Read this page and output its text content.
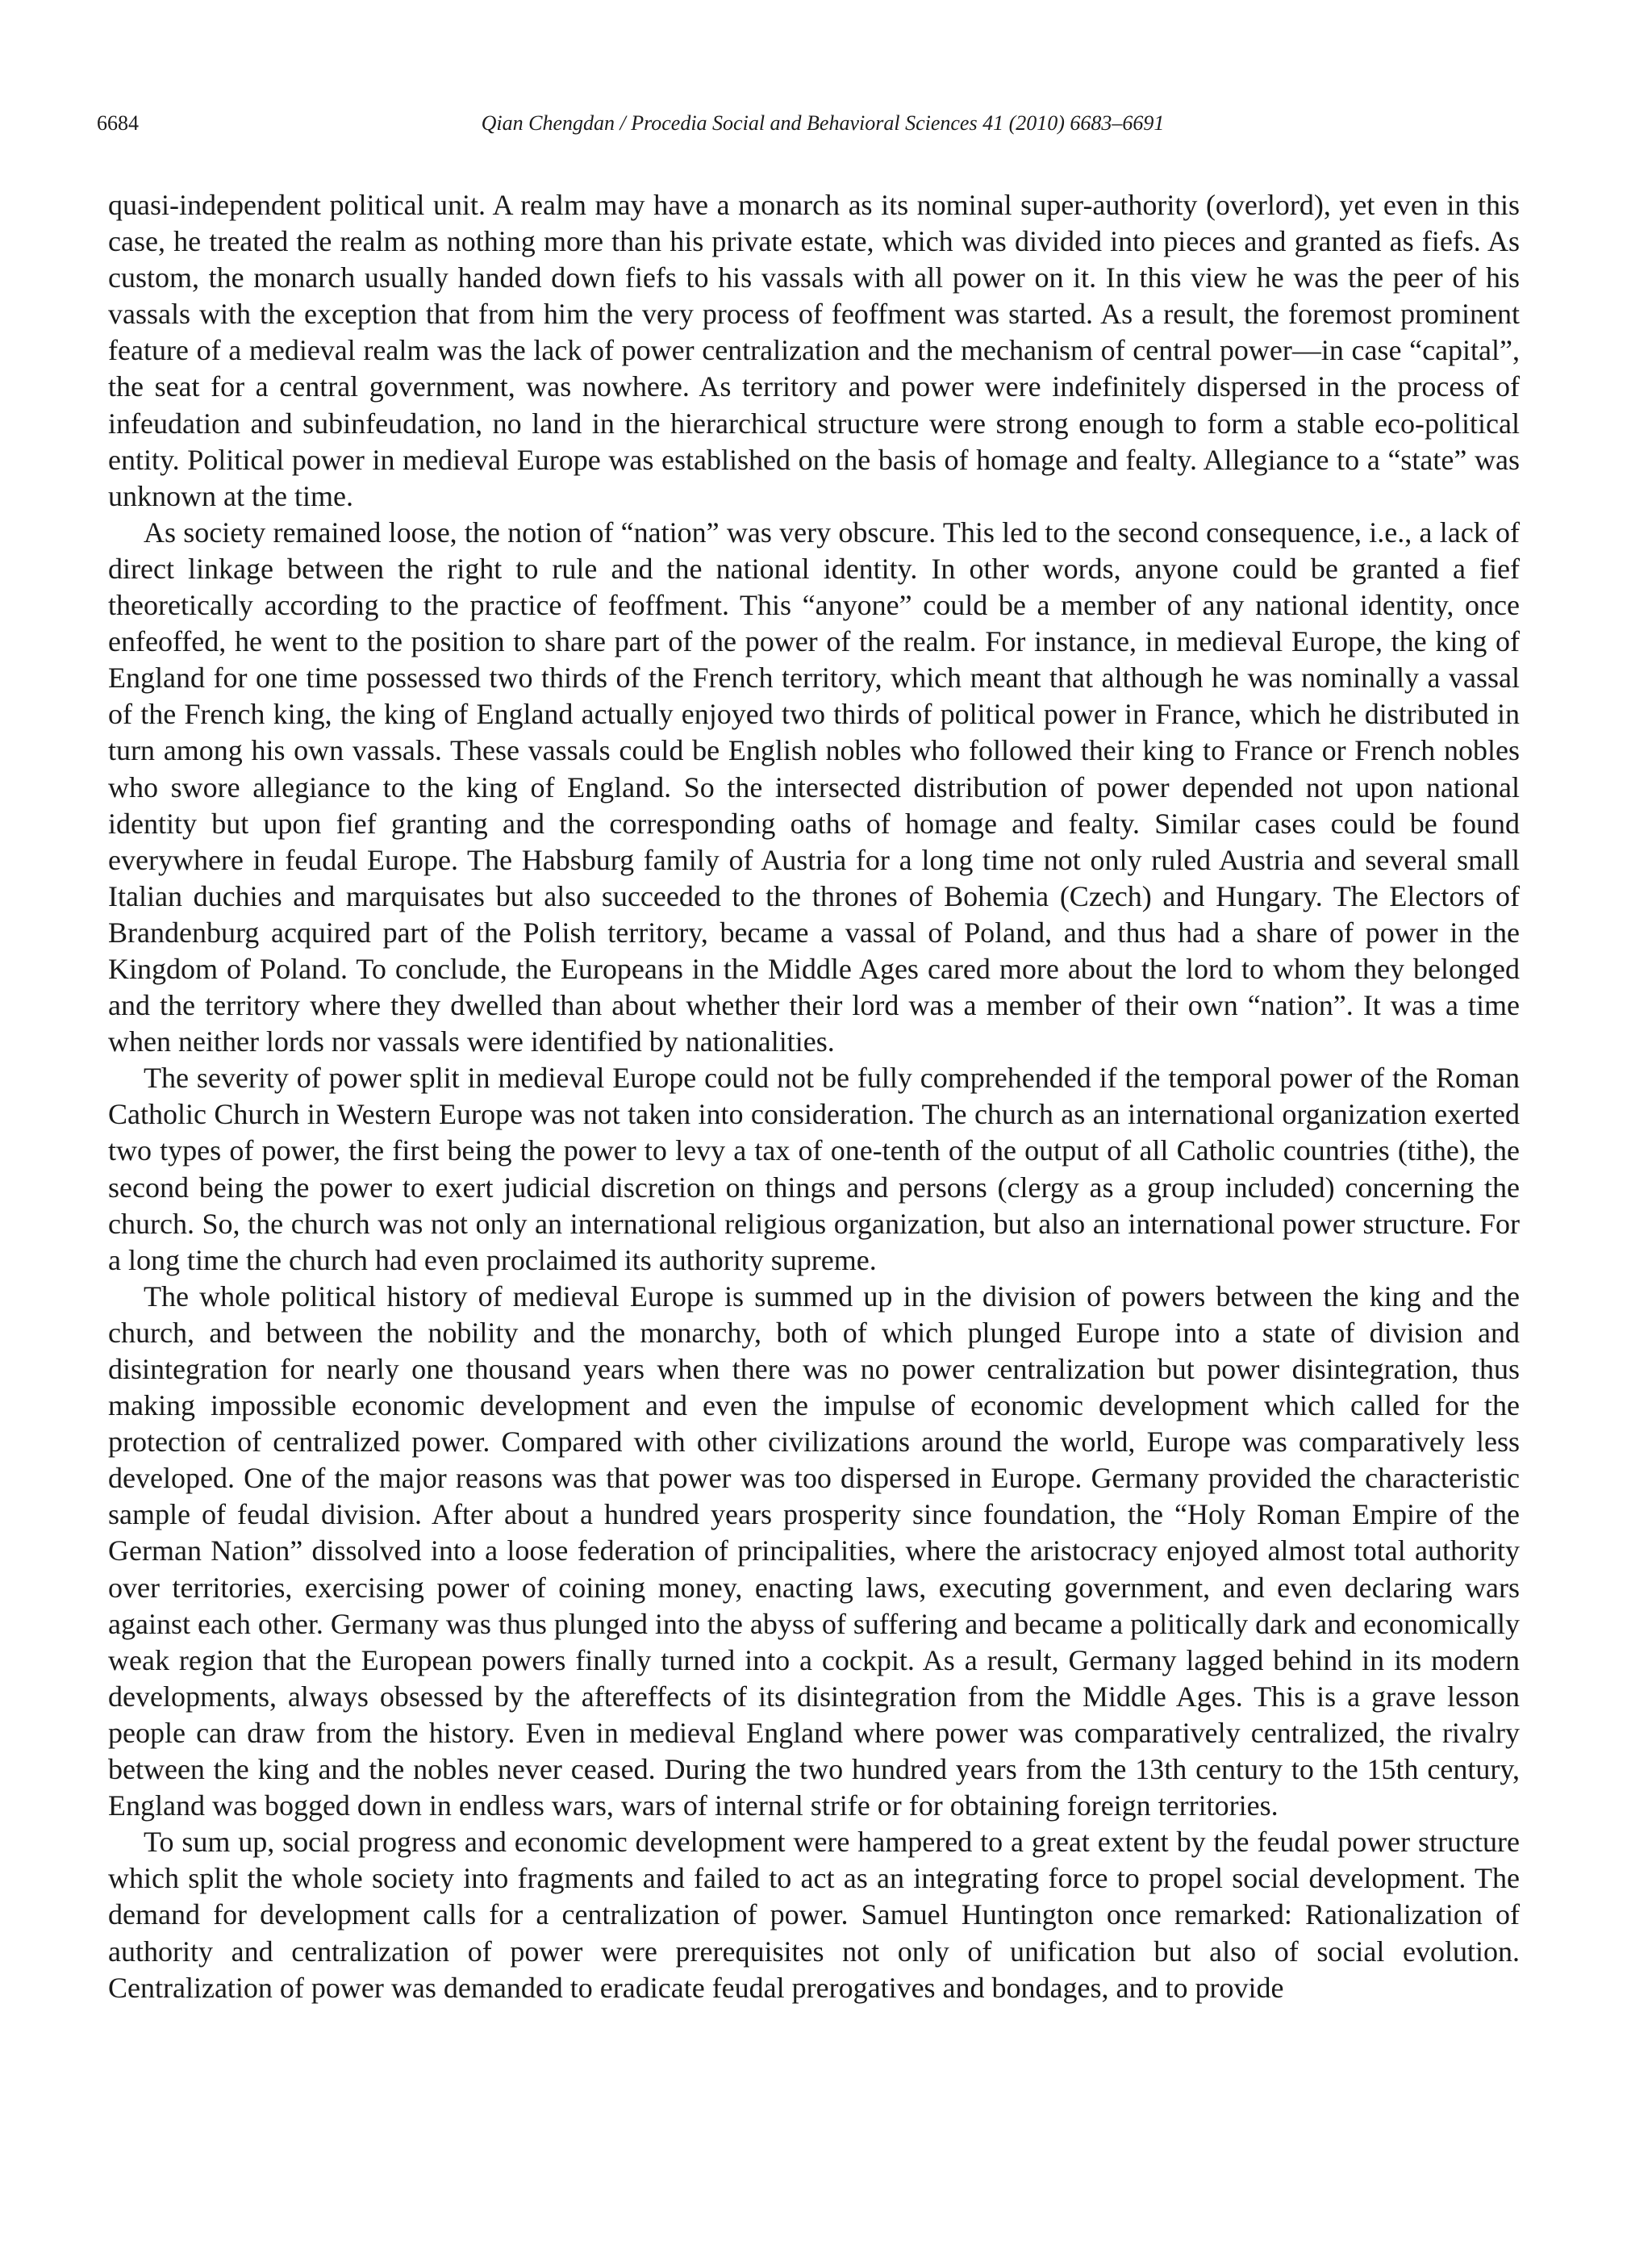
6684	Qian Chengdan / Procedia Social and Behavioral Sciences 41 (2010) 6683–6691

quasi-independent political unit. A realm may have a monarch as its nominal super-authority (overlord), yet even in this case, he treated the realm as nothing more than his private estate, which was divided into pieces and granted as fiefs. As custom, the monarch usually handed down fiefs to his vassals with all power on it. In this view he was the peer of his vassals with the exception that from him the very process of feoffment was started. As a result, the foremost prominent feature of a medieval realm was the lack of power centralization and the mechanism of central power—in case “capital”, the seat for a central government, was nowhere. As territory and power were indefinitely dispersed in the process of infeudation and subinfeudation, no land in the hierarchical structure were strong enough to form a stable eco-political entity. Political power in medieval Europe was established on the basis of homage and fealty. Allegiance to a “state” was unknown at the time.

As society remained loose, the notion of “nation” was very obscure. This led to the second consequence, i.e., a lack of direct linkage between the right to rule and the national identity. In other words, anyone could be granted a fief theoretically according to the practice of feoffment. This “anyone” could be a member of any national identity, once enfeoffed, he went to the position to share part of the power of the realm. For instance, in medieval Europe, the king of England for one time possessed two thirds of the French territory, which meant that although he was nominally a vassal of the French king, the king of England actually enjoyed two thirds of political power in France, which he distributed in turn among his own vassals. These vassals could be English nobles who followed their king to France or French nobles who swore allegiance to the king of England. So the intersected distribution of power depended not upon national identity but upon fief granting and the corresponding oaths of homage and fealty. Similar cases could be found everywhere in feudal Europe. The Habsburg family of Austria for a long time not only ruled Austria and several small Italian duchies and marquisates but also succeeded to the thrones of Bohemia (Czech) and Hungary. The Electors of Brandenburg acquired part of the Polish territory, became a vassal of Poland, and thus had a share of power in the Kingdom of Poland. To conclude, the Europeans in the Middle Ages cared more about the lord to whom they belonged and the territory where they dwelled than about whether their lord was a member of their own “nation”. It was a time when neither lords nor vassals were identified by nationalities.

The severity of power split in medieval Europe could not be fully comprehended if the temporal power of the Roman Catholic Church in Western Europe was not taken into consideration. The church as an international organization exerted two types of power, the first being the power to levy a tax of one-tenth of the output of all Catholic countries (tithe), the second being the power to exert judicial discretion on things and persons (clergy as a group included) concerning the church. So, the church was not only an international religious organization, but also an international power structure. For a long time the church had even proclaimed its authority supreme.

The whole political history of medieval Europe is summed up in the division of powers between the king and the church, and between the nobility and the monarchy, both of which plunged Europe into a state of division and disintegration for nearly one thousand years when there was no power centralization but power disintegration, thus making impossible economic development and even the impulse of economic development which called for the protection of centralized power. Compared with other civilizations around the world, Europe was comparatively less developed. One of the major reasons was that power was too dispersed in Europe. Germany provided the characteristic sample of feudal division. After about a hundred years prosperity since foundation, the “Holy Roman Empire of the German Nation” dissolved into a loose federation of principalities, where the aristocracy enjoyed almost total authority over territories, exercising power of coining money, enacting laws, executing government, and even declaring wars against each other. Germany was thus plunged into the abyss of suffering and became a politically dark and economically weak region that the European powers finally turned into a cockpit. As a result, Germany lagged behind in its modern developments, always obsessed by the aftereffects of its disintegration from the Middle Ages. This is a grave lesson people can draw from the history. Even in medieval England where power was comparatively centralized, the rivalry between the king and the nobles never ceased. During the two hundred years from the 13th century to the 15th century, England was bogged down in endless wars, wars of internal strife or for obtaining foreign territories.

To sum up, social progress and economic development were hampered to a great extent by the feudal power structure which split the whole society into fragments and failed to act as an integrating force to propel social development. The demand for development calls for a centralization of power. Samuel Huntington once remarked: Rationalization of authority and centralization of power were prerequisites not only of unification but also of social evolution. Centralization of power was demanded to eradicate feudal prerogatives and bondages, and to provide
